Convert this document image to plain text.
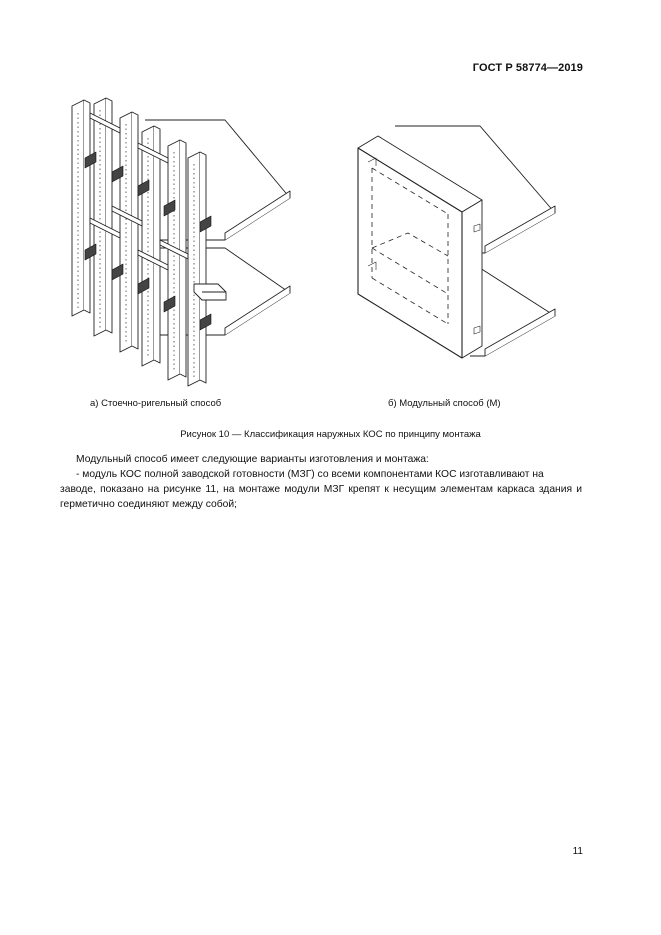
ГОСТ Р 58774—2019
а) Стоечно-ригельный способ	б) Модульный способ (М)
Рисунок 10 — Классификация наружных КОС по принципу монтажа

Модульный способ имеет следующие варианты изготовления и монтажа:

- модуль КОС полной заводской готовности (МЗГ) со всеми компонентами КОС изготавливают на

заводе, показано на рисунке 11, на монтаже модули МЗГ крепят к несущим элементам каркаса здания и герметично соединяют между собой;

11
